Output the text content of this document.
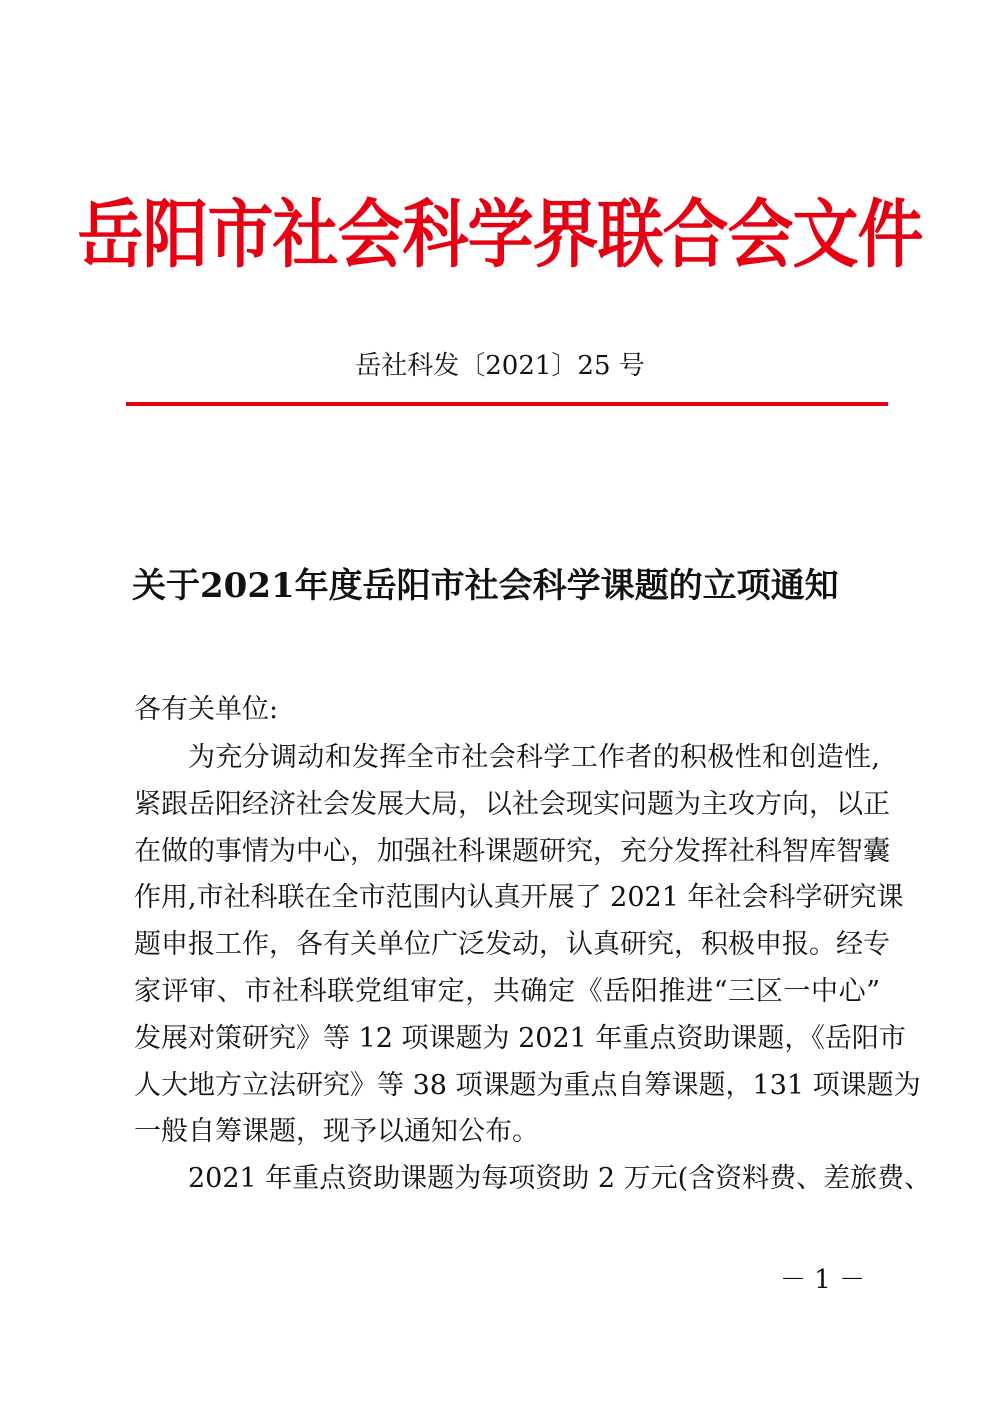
岳阳市社会科学界联合会文件
岳社科发〔2021〕25 号
关于2021年度岳阳市社会科学课题的立项通知
各有关单位:
为充分调动和发挥全市社会科学工作者的积极性和创造性,
紧跟岳阳经济社会发展大局，以社会现实问题为主攻方向，以正
在做的事情为中心，加强社科课题研究，充分发挥社科智库智囊
作用,市社科联在全市范围内认真开展了 2021 年社会科学研究课
题申报工作，各有关单位广泛发动，认真研究，积极申报。经专
家评审、市社科联党组审定，共确定《岳阳推进“三区一中心”
发展对策研究》等 12 项课题为 2021 年重点资助课题，《岳阳市
人大地方立法研究》等 38 项课题为重点自筹课题，131 项课题为
一般自筹课题，现予以通知公布。
2021 年重点资助课题为每项资助 2 万元(含资料费、差旅费、
－ 1 －
